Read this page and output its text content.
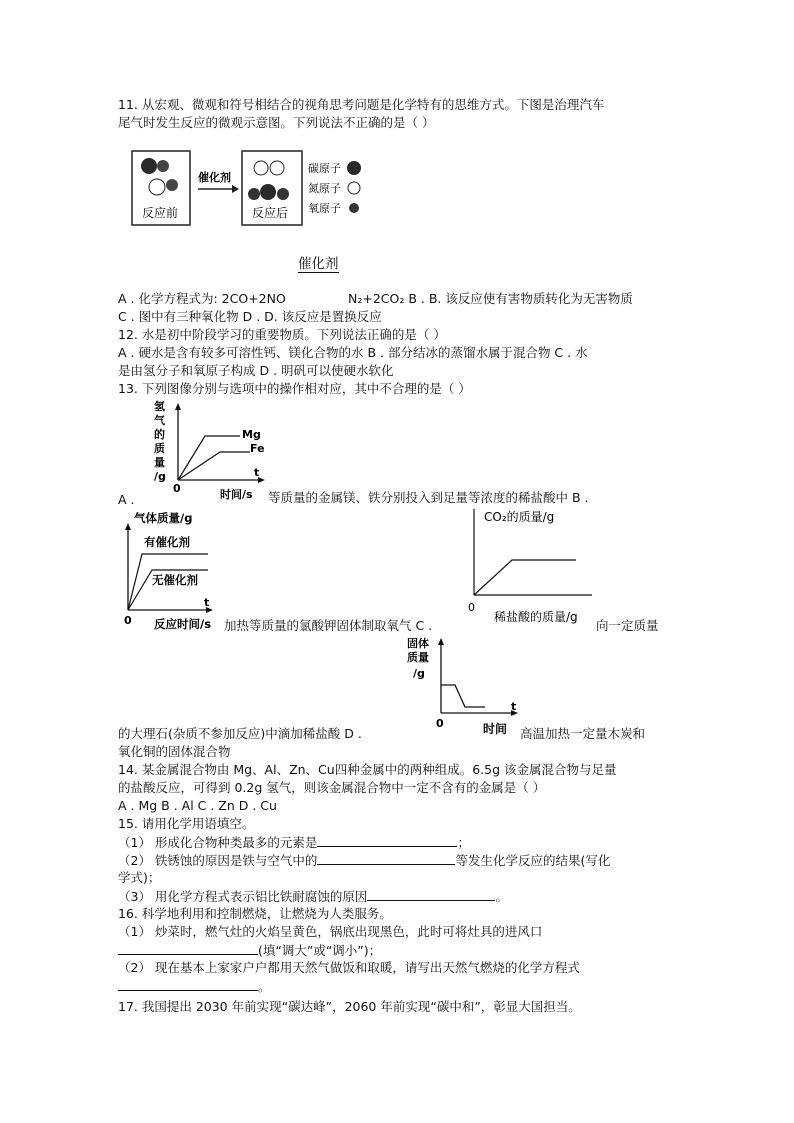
11. 从宏观、微观和符号相结合的视角思考问题是化学特有的思维方式。下图是治理汽车
尾气时发生反应的微观示意图。下列说法不正确的是（ ）
反应前
催化剂
反应后
碳原子
氮原子
氧原子
催化剂
A . 化学方程式为: 2CO+2NO	N₂+2CO₂ B . B. 该反应使有害物质转化为无害物质
C . 图中有三种氧化物 D . D. 该反应是置换反应
12. 水是初中阶段学习的重要物质。下列说法正确的是（ ）
A . 硬水是含有较多可溶性钙、镁化合物的水 B . 部分结冰的蒸馏水属于混合物 C . 水
是由氢分子和氧原子构成 D . 明矾可以使硬水软化
13. 下列图像分别与选项中的操作相对应，其中不合理的是（ ）
氢
气
的
质
量
/g	t
0
Mg
Fe
时间/s
A .	等质量的金属镁、铁分别投入到足量等浓度的稀盐酸中 B .
气体质量/g
t
有催化剂
无催化剂
0 反应时间/s
CO₂的质量/g
0
稀盐酸的质量/g
加热等质量的氯酸钾固体制取氧气 C .	向一定质量
固体
质量
/g
t
0	时间
的大理石(杂质不参加反应)中滴加稀盐酸 D .	高温加热一定量木炭和
氧化铜的固体混合物
14. 某金属混合物由 Mg、Al、Zn、Cu四种金属中的两种组成。6.5g 该金属混合物与足量
的盐酸反应，可得到 0.2g 氢气，则该金属混合物中一定不含有的金属是（ ）
A . Mg B . Al C . Zn D . Cu
15. 请用化学用语填空。
（1） 形成化合物种类最多的元素是	；
（2） 铁锈蚀的原因是铁与空气中的	等发生化学反应的结果(写化
学式)；
（3） 用化学方程式表示铝比铁耐腐蚀的原因	。
16. 科学地利用和控制燃烧，让燃烧为人类服务。
（1） 炒菜时，燃气灶的火焰呈黄色，锅底出现黑色，此时可将灶具的进风口
(填“调大”或“调小”)；
（2） 现在基本上家家户户都用天然气做饭和取暖，请写出天然气燃烧的化学方程式
。
17. 我国提出 2030 年前实现“碳达峰”，2060 年前实现“碳中和”，彰显大国担当。
